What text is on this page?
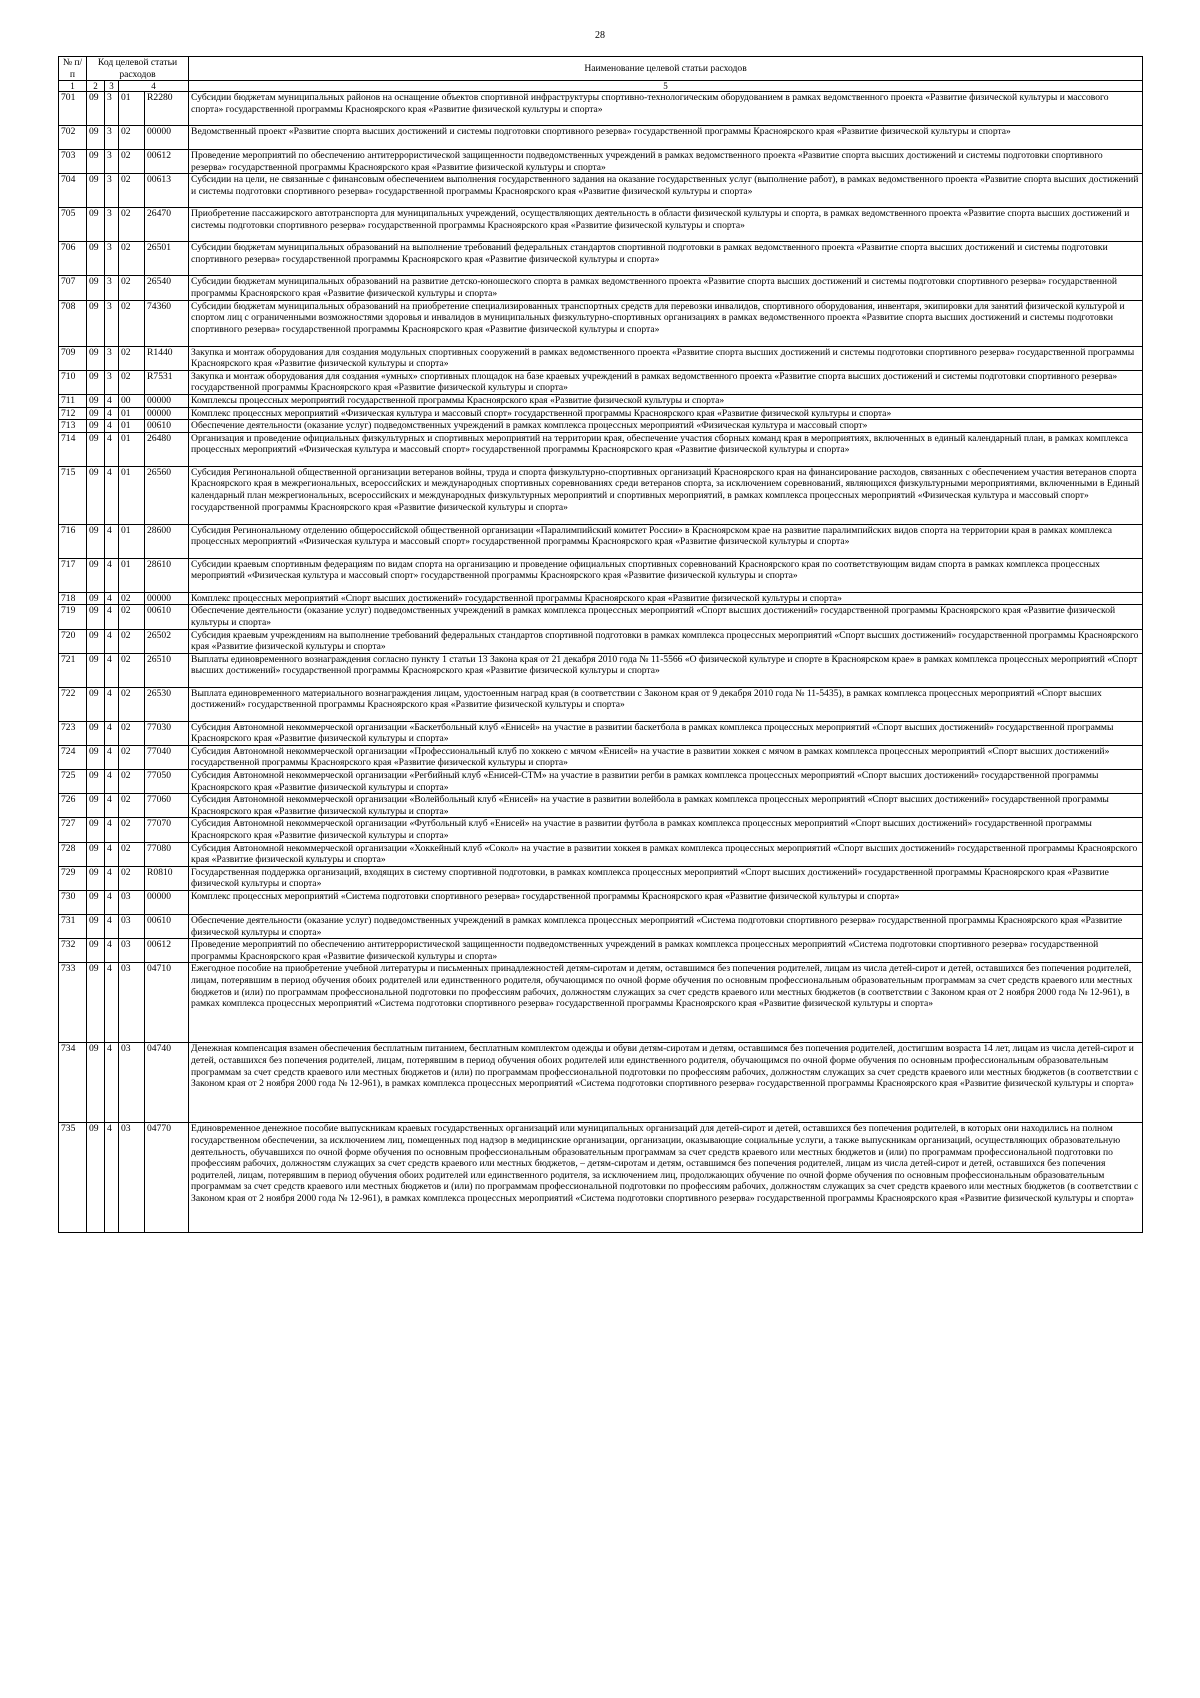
28
№ п/п	Код целевой статьи расходов				Наименование целевой статьи расходов

1	2	3	4		5
701	09	3	01	R2280	Субсидии бюджетам муниципальных районов на оснащение объектов спортивной инфраструктуры спортивно-технологическим оборудованием в рамках ведомственного проекта «Развитие физической культуры и массового спорта» государственной программы Красноярского края «Развитие физической культуры и спорта»
702	09	3	02	00000	Ведомственный проект «Развитие спорта высших достижений и системы подготовки спортивного резерва» государственной программы Красноярского края «Развитие физической культуры и спорта»
703	09	3	02	00612	Проведение мероприятий по обеспечению антитеррористической защищенности подведомственных учреждений в рамках ведомственного проекта «Развитие спорта высших достижений и системы подготовки спортивного резерва» государственной программы Красноярского края «Развитие физической культуры и спорта»
704	09	3	02	00613	Субсидии на цели, не связанные с финансовым обеспечением выполнения государственного задания на оказание государственных услуг (выполнение работ), в рамках ведомственного проекта «Развитие спорта высших достижений и системы подготовки спортивного резерва» государственной программы Красноярского края «Развитие физической культуры и спорта»
705	09	3	02	26470	Приобретение пассажирского автотранспорта для муниципальных учреждений, осуществляющих деятельность в области физической культуры и спорта, в рамках ведомственного проекта «Развитие спорта высших достижений и системы подготовки спортивного резерва» государственной программы Красноярского края «Развитие физической культуры и спорта»
706	09	3	02	26501	Субсидии бюджетам муниципальных образований на выполнение требований федеральных стандартов спортивной подготовки в рамках ведомственного проекта «Развитие спорта высших достижений и системы подготовки спортивного резерва» государственной программы Красноярского края «Развитие физической культуры и спорта»
707	09	3	02	26540	Субсидии бюджетам муниципальных образований на развитие детско-юношеского спорта в рамках ведомственного проекта «Развитие спорта высших достижений и системы подготовки спортивного резерва» государственной программы Красноярского края «Развитие физической культуры и спорта»
708	09	3	02	74360	Субсидии бюджетам муниципальных образований на приобретение специализированных транспортных средств для перевозки инвалидов, спортивного оборудования, инвентаря, экипировки для занятий физической культурой и спортом лиц с ограниченными возможностями здоровья и инвалидов в муниципальных физкультурно-спортивных организациях в рамках ведомственного проекта «Развитие спорта высших достижений и системы подготовки спортивного резерва» государственной программы Красноярского края «Развитие физической культуры и спорта»
709	09	3	02	R1440	Закупка и монтаж оборудования для создания модульных спортивных сооружений в рамках ведомственного проекта «Развитие спорта высших достижений и системы подготовки спортивного резерва» государственной программы Красноярского края «Развитие физической культуры и спорта»
710	09	3	02	R7531	Закупка и монтаж оборудования для создания «умных» спортивных площадок на базе краевых учреждений в рамках ведомственного проекта «Развитие спорта высших достижений и системы подготовки спортивного резерва» государственной программы Красноярского края «Развитие физической культуры и спорта»
711	09	4	00	00000	Комплексы процессных мероприятий государственной программы Красноярского края «Развитие физической культуры и спорта»
712	09	4	01	00000	Комплекс процессных мероприятий «Физическая культура и массовый спорт» государственной программы Красноярского края «Развитие физической культуры и спорта»
713	09	4	01	00610	Обеспечение деятельности (оказание услуг) подведомственных учреждений в рамках комплекса процессных мероприятий «Физическая культура и массовый спорт»
714	09	4	01	26480	Организация и проведение официальных физкультурных и спортивных мероприятий на территории края, обеспечение участия сборных команд края в мероприятиях, включенных в единый календарный план, в рамках комплекса процессных мероприятий «Физическая культура и массовый спорт» государственной программы Красноярского края «Развитие физической культуры и спорта»
715	09	4	01	26560	Субсидия Регинональной общественной организации ветеранов войны, труда и спорта физкультурно-спортивных организаций Красноярского края на финансирование расходов, связанных с обеспечением участия ветеранов спорта Красноярского края в межрегиональных, всероссийских и международных спортивных соревнованиях среди ветеранов спорта, за исключением соревнований, являющихся физкультурными мероприятиями, включенными в Единый календарный план межрегиональных, всероссийских и международных физкультурных мероприятий и спортивных мероприятий, в рамках комплекса процессных мероприятий «Физическая культура и массовый спорт» государственной программы Красноярского края «Развитие физической культуры и спорта»
716	09	4	01	28600	Субсидия Регинональному отделению общероссийской общественной организации «Паралимпийский комитет России» в Красноярском крае на развитие паралимпийских видов спорта на территории края в рамках комплекса процессных мероприятий «Физическая культура и массовый спорт» государственной программы Красноярского края «Развитие физической культуры и спорта»
717	09	4	01	28610	Субсидии краевым спортивным федерациям по видам спорта на организацию и проведение официальных спортивных соревнований Красноярского края по соответствующим видам спорта в рамках комплекса процессных мероприятий «Физическая культура и массовый спорт» государственной программы Красноярского края «Развитие физической культуры и спорта»
718	09	4	02	00000	Комплекс процессных мероприятий «Спорт высших достижений» государственной программы Красноярского края «Развитие физической культуры и спорта»
719	09	4	02	00610	Обеспечение деятельности (оказание услуг) подведомственных учреждений в рамках комплекса процессных мероприятий «Спорт высших достижений» государственной программы Красноярского края «Развитие физической культуры и спорта»
720	09	4	02	26502	Субсидия краевым учреждениям на выполнение требований федеральных стандартов спортивной подготовки в рамках комплекса процессных мероприятий «Спорт высших достижений» государственной программы Красноярского края «Развитие физической культуры и спорта»
721	09	4	02	26510	Выплаты единовременного вознаграждения согласно пункту 1 статьи 13 Закона края от 21 декабря 2010 года № 11-5566 «О физической культуре и спорте в Красноярском крае» в рамках комплекса процессных мероприятий «Спорт высших достижений» государственной программы Красноярского края «Развитие физической культуры и спорта»
722	09	4	02	26530	Выплата единовременного материального вознаграждения лицам, удостоенным наград края (в соответствии с Законом края от 9 декабря 2010 года № 11-5435), в рамках комплекса процессных мероприятий «Спорт высших достижений» государственной программы Красноярского края «Развитие физической культуры и спорта»
723	09	4	02	77030	Субсидия Автономной некоммерческой организации «Баскетбольный клуб «Енисей» на участие в развитии баскетбола в рамках комплекса процессных мероприятий «Спорт высших достижений» государственной программы Красноярского края «Развитие физической культуры и спорта»
724	09	4	02	77040	Субсидия Автономной некоммерческой организации «Профессиональный клуб по хоккею с мячом «Енисей» на участие в развитии хоккея с мячом в рамках комплекса процессных мероприятий «Спорт высших достижений» государственной программы Красноярского края «Развитие физической культуры и спорта»
725	09	4	02	77050	Субсидия Автономной некоммерческой организации «Регбийный клуб «Енисей-СТМ» на участие в развитии регби в рамках комплекса процессных мероприятий «Спорт высших достижений» государственной программы Красноярского края «Развитие физической культуры и спорта»
726	09	4	02	77060	Субсидия Автономной некоммерческой организации «Волейбольный клуб «Енисей» на участие в развитии волейбола в рамках комплекса процессных мероприятий «Спорт высших достижений» государственной программы Красноярского края «Развитие физической культуры и спорта»
727	09	4	02	77070	Субсидия Автономной некоммерческой организации «Футбольный клуб «Енисей» на участие в развитии футбола в рамках комплекса процессных мероприятий «Спорт высших достижений» государственной программы Красноярского края «Развитие физической культуры и спорта»
728	09	4	02	77080	Субсидия Автономной некоммерческой организации «Хоккейный клуб «Сокол» на участие в развитии хоккея в рамках комплекса процессных мероприятий «Спорт высших достижений» государственной программы Красноярского края «Развитие физической культуры и спорта»
729	09	4	02	R0810	Государственная поддержка организаций, входящих в систему спортивной подготовки, в рамках комплекса процессных мероприятий «Спорт высших достижений» государственной программы Красноярского края «Развитие физической культуры и спорта»
730	09	4	03	00000	Комплекс процессных мероприятий «Система подготовки спортивного резерва» государственной программы Красноярского края «Развитие физической культуры и спорта»
731	09	4	03	00610	Обеспечение деятельности (оказание услуг) подведомственных учреждений в рамках комплекса процессных мероприятий «Система подготовки спортивного резерва» государственной программы Красноярского края «Развитие физической культуры и спорта»
732	09	4	03	00612	Проведение мероприятий по обеспечению антитеррористической защищенности подведомственных учреждений в рамках комплекса процессных мероприятий «Система подготовки спортивного резерва» государственной программы Красноярского края «Развитие физической культуры и спорта»
733	09	4	03	04710	Ежегодное пособие на приобретение учебной литературы и письменных принадлежностей детям-сиротам и детям, оставшимся без попечения родителей, лицам из числа детей-сирот и детей, оставшихся без попечения родителей, лицам, потерявшим в период обучения обоих родителей или единственного родителя, обучающимся по очной форме обучения по основным профессиональным образовательным программам за счет средств краевого или местных бюджетов и (или) по программам профессиональной подготовки по профессиям рабочих, должностям служащих за счет средств краевого или местных бюджетов (в соответствии с Законом края от 2 ноября 2000 года № 12-961), в рамках комплекса процессных мероприятий «Система подготовки спортивного резерва» государственной программы Красноярского края «Развитие физической культуры и спорта»
734	09	4	03	04740	Денежная компенсация взамен обеспечения бесплатным питанием, бесплатным комплектом одежды и обуви детям-сиротам и детям, оставшимся без попечения родителей, достигшим возраста 14 лет, лицам из числа детей-сирот и детей, оставшихся без попечения родителей, лицам, потерявшим в период обучения обоих родителей или единственного родителя, обучающимся по очной форме обучения по основным профессиональным образовательным программам за счет средств краевого или местных бюджетов и (или) по программам профессиональной подготовки по профессиям рабочих, должностям служащих за счет средств краевого или местных бюджетов (в соответствии с Законом края от 2 ноября 2000 года № 12-961), в рамках комплекса процессных мероприятий «Система подготовки спортивного резерва» государственной программы Красноярского края «Развитие физической культуры и спорта»
735	09	4	03	04770	Единовременное денежное пособие выпускникам краевых государственных организаций или муниципальных организаций для детей-сирот и детей, оставшихся без попечения родителей, в которых они находились на полном государственном обеспечении, за исключением лиц, помещенных под надзор в медицинские организации, организации, оказывающие социальные услуги, а также выпускникам организаций, осуществляющих образовательную деятельность, обучавшихся по очной форме обучения по основным профессиональным образовательным программам за счет средств краевого или местных бюджетов и (или) по программам профессиональной подготовки по профессиям рабочих, должностям служащих за счет средств краевого или местных бюджетов, – детям-сиротам и детям, оставшимся без попечения родителей, лицам из числа детей-сирот и детей, оставшихся без попечения родителей, лицам, потерявшим в период обучения обоих родителей или единственного родителя, за исключением лиц, продолжающих обучение по очной форме обучения по основным профессиональным образовательным программам за счет средств краевого или местных бюджетов и (или) по программам профессиональной подготовки по профессиям рабочих, должностям служащих за счет средств краевого или местных бюджетов (в соответствии с Законом края от 2 ноября 2000 года № 12-961), в рамках комплекса процессных мероприятий «Система подготовки спортивного резерва» государственной программы Красноярского края «Развитие физической культуры и спорта»
